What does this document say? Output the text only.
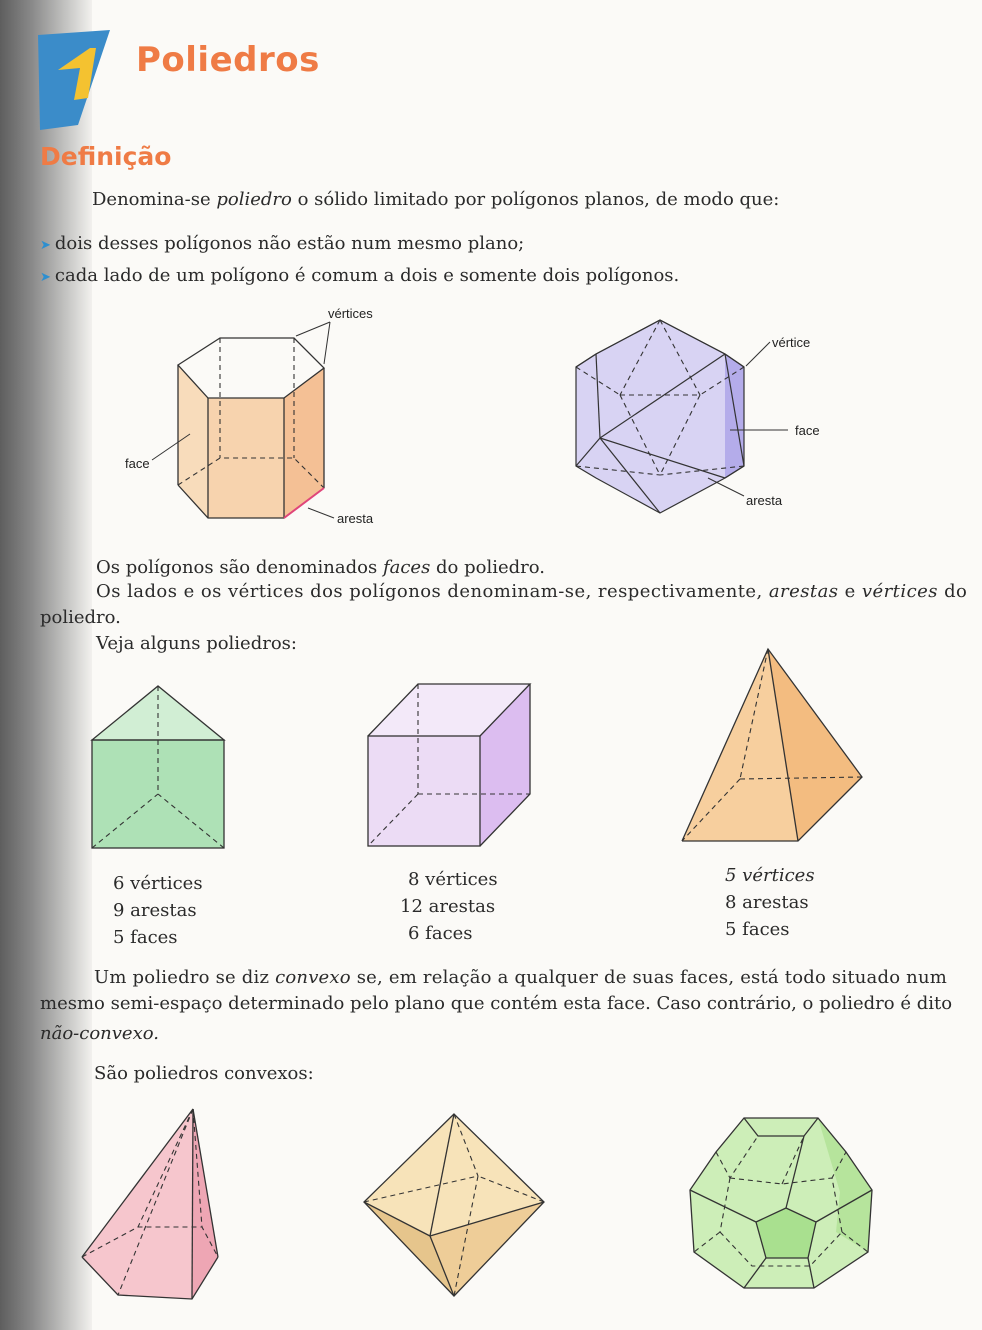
Poliedros
Definição

Denomina-se poliedro o sólido limitado por polígonos planos, de modo que:

➤ dois desses polígonos não estão num mesmo plano;
➤ cada lado de um polígono é comum a dois e somente dois polígonos.
vértices
face
aresta
vértice
face
aresta

Os polígonos são denominados faces do poliedro.

Os lados e os vértices dos polígonos denominam-se, respectivamente, arestas e vértices do

poliedro.

Veja alguns poliedros:

6 vértices
9 arestas
5 faces
8 vértices
12 arestas
6 faces
5 vértices
8 arestas
5 faces

Um poliedro se diz convexo se, em relação a qualquer de suas faces, está todo situado num

mesmo semi-espaço determinado pelo plano que contém esta face. Caso contrário, o poliedro é dito

não-convexo.

São poliedros convexos:
